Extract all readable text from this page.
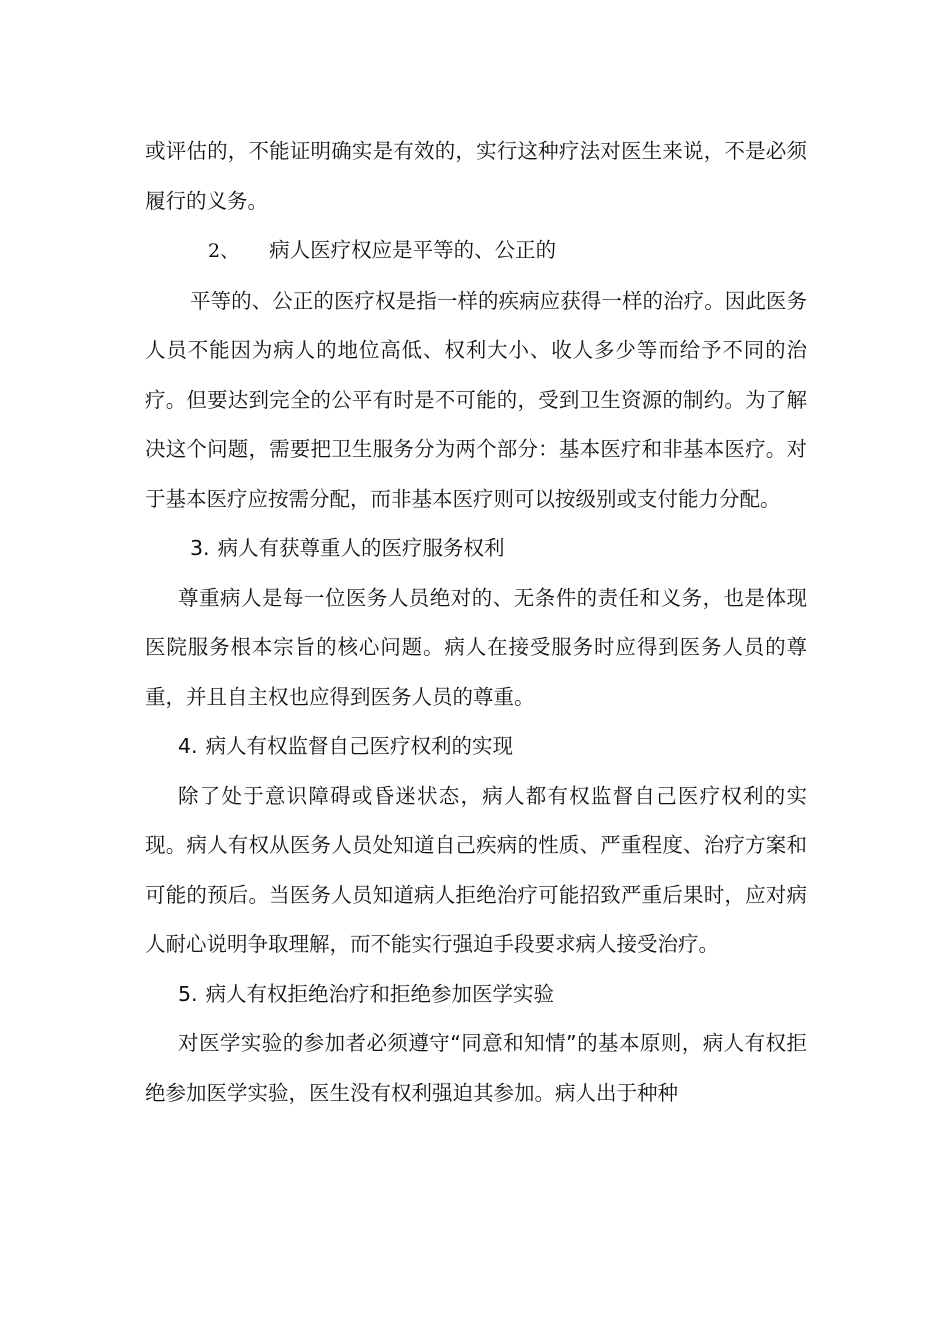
或评估的，不能证明确实是有效的，实行这种疗法对医生来说，不是必须履行的义务。

2、 病人医疗权应是平等的、公正的

平等的、公正的医疗权是指一样的疾病应获得一样的治疗。因此医务人员不能因为病人的地位高低、权利大小、收人多少等而给予不同的治疗。但要达到完全的公平有时是不可能的，受到卫生资源的制约。为了解决这个问题，需要把卫生服务分为两个部分：基本医疗和非基本医疗。对于基本医疗应按需分配，而非基本医疗则可以按级别或支付能力分配。

3. 病人有获尊重人的医疗服务权利

尊重病人是每一位医务人员绝对的、无条件的责任和义务，也是体现医院服务根本宗旨的核心问题。病人在接受服务时应得到医务人员的尊重，并且自主权也应得到医务人员的尊重。

4. 病人有权监督自己医疗权利的实现

除了处于意识障碍或昏迷状态，病人都有权监督自己医疗权利的实现。病人有权从医务人员处知道自己疾病的性质、严重程度、治疗方案和可能的预后。当医务人员知道病人拒绝治疗可能招致严重后果时，应对病人耐心说明争取理解，而不能实行强迫手段要求病人接受治疗。

5. 病人有权拒绝治疗和拒绝参加医学实验

对医学实验的参加者必须遵守“同意和知情”的基本原则，病人有权拒绝参加医学实验，医生没有权利强迫其参加。病人出于种种
